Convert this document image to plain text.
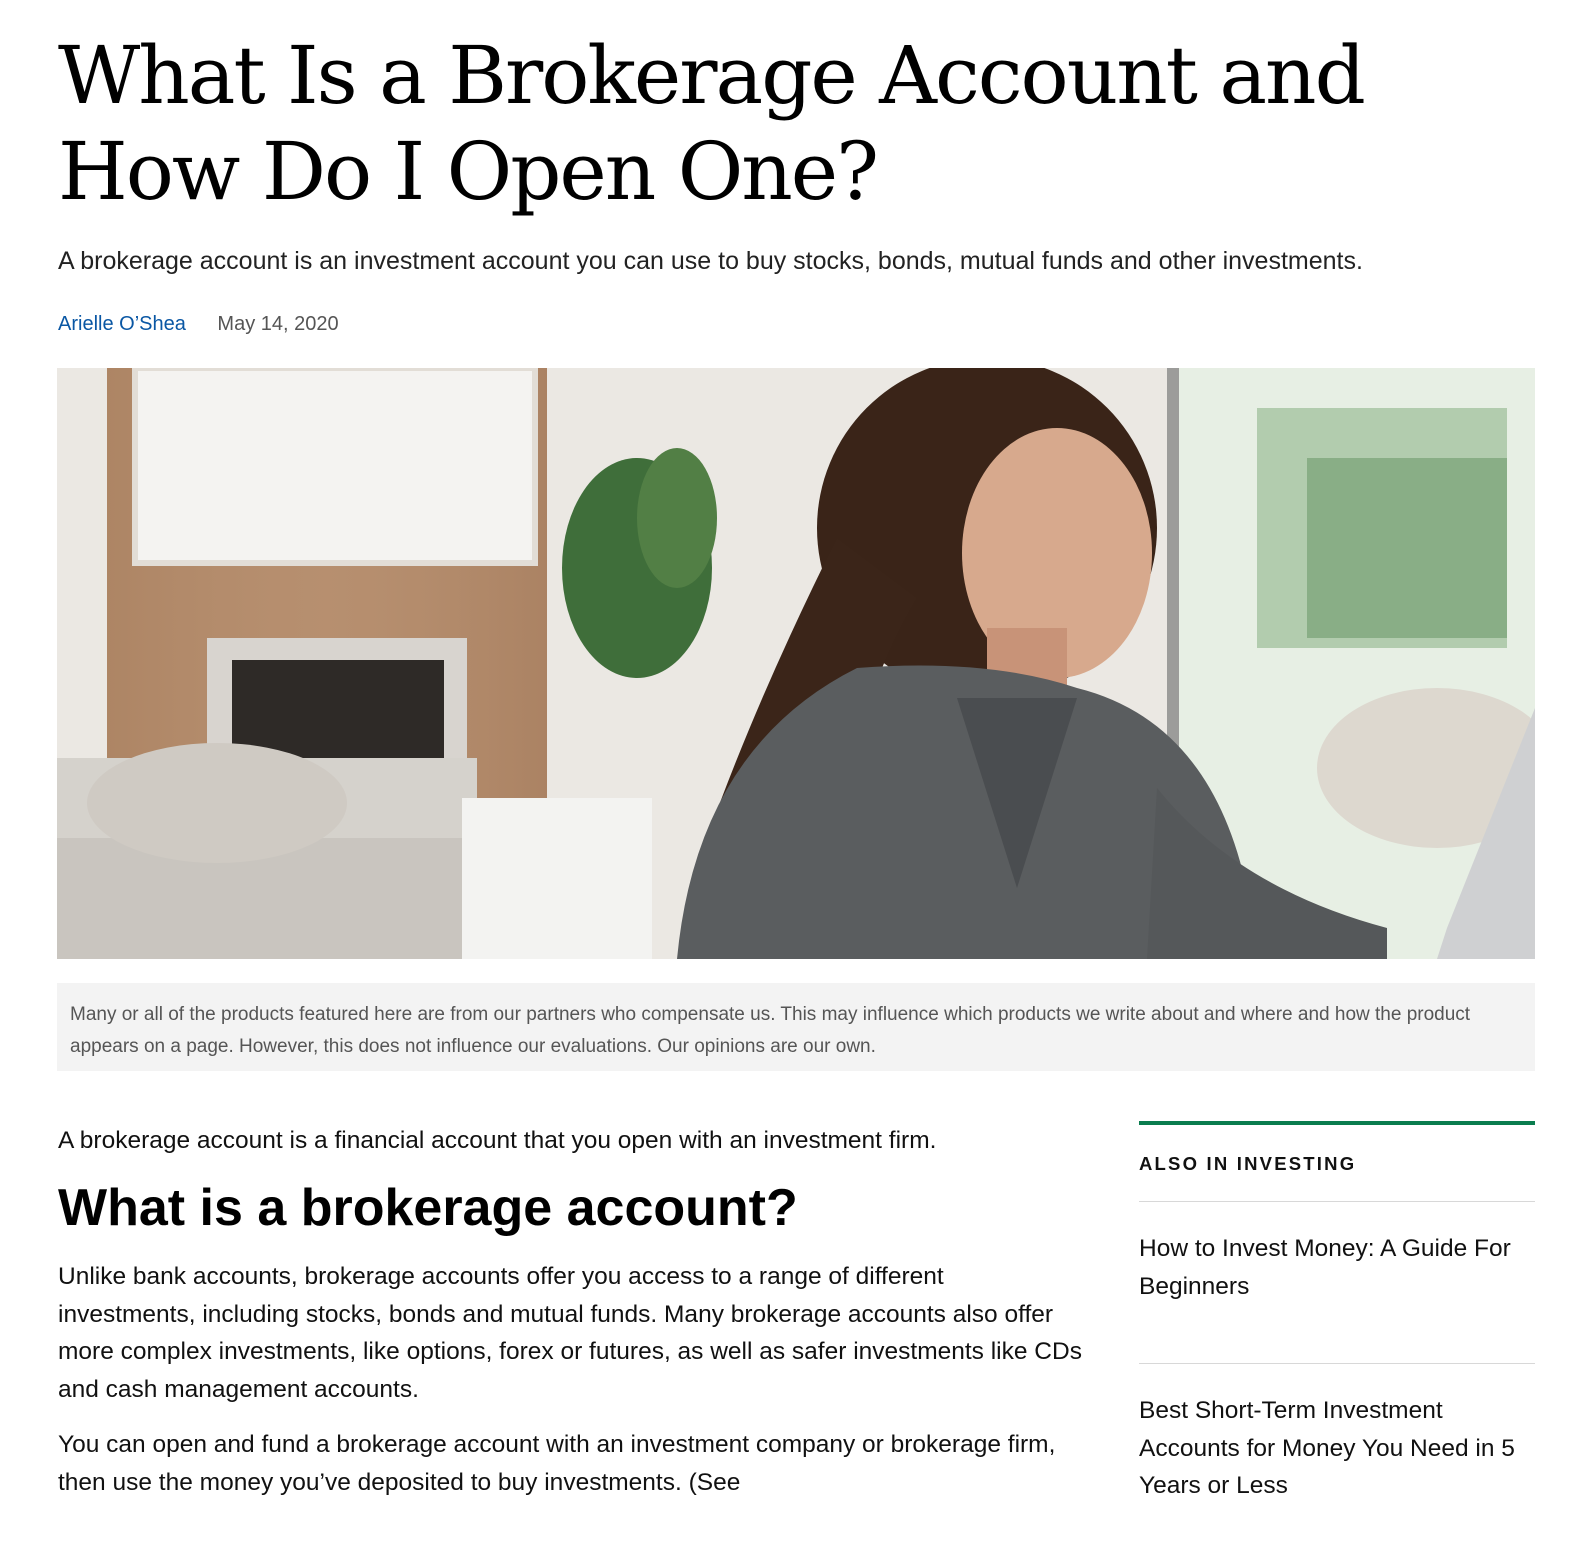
What Is a Brokerage Account and How Do I Open One?

A brokerage account is an investment account you can use to buy stocks, bonds, mutual funds and other investments.

Arielle O’Shea May 14, 2020
Many or all of the products featured here are from our partners who compensate us. This may influence which products we write about and where and how the product appears on a page. However, this does not influence our evaluations. Our opinions are our own.

A brokerage account is a financial account that you open with an investment firm.

What is a brokerage account?

Unlike bank accounts, brokerage accounts offer you access to a range of different investments, including stocks, bonds and mutual funds. Many brokerage accounts also offer more complex investments, like options, forex or futures, as well as safer investments like CDs and cash management accounts.

You can open and fund a brokerage account with an investment company or brokerage firm, then use the money you’ve deposited to buy investments. (See

ALSO IN INVESTING
How to Invest Money: A Guide For Beginners
Best Short-Term Investment Accounts for Money You Need in 5 Years or Less
